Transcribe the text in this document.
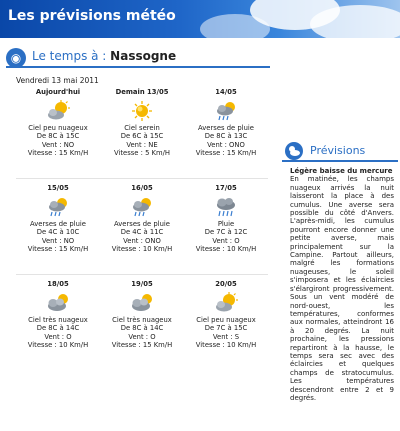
Les prévisions météo
◉ Le temps à : Nassogne
Vendredi 13 mai 2011
Aujourd'hui
Ciel peu nuageux
De 8C à 15C
Vent : NO
Vitesse : 15 Km/H
Demain 13/05
Ciel serein
De 6C à 15C
Vent : NE
Vitesse : 5 Km/H
14/05
Averses de pluie
De 8C à 13C
Vent : ONO
Vitesse : 15 Km/H
15/05
Averses de pluie
De 4C à 10C
Vent : NO
Vitesse : 15 Km/H
16/05
Averses de pluie
De 4C à 11C
Vent : ONO
Vitesse : 10 Km/H
17/05
Pluie
De 7C à 12C
Vent : O
Vitesse : 10 Km/H
18/05
Ciel très nuageux
De 8C à 14C
Vent : O
Vitesse : 10 Km/H
19/05
Ciel très nuageux
De 8C à 14C
Vent : O
Vitesse : 15 Km/H
20/05
Ciel peu nuageux
De 7C à 15C
Vent : S
Vitesse : 10 Km/H
Prévisions
Légère baisse du mercure
En matinée, les champs nuageux arrivés la nuit laisseront la place à des cumulus. Une averse sera possible du côté d'Anvers. L'après-midi, les cumulus pourront encore donner une petite averse, mais principalement sur la Campine. Partout ailleurs, malgré les formations nuageuses, le soleil s'imposera et les éclaircies s'élargiront progressivement. Sous un vent modéré de nord-ouest, les températures, conformes aux normales, atteindront 16 à 20 degrés. La nuit prochaine, les pressions repartiront à la hausse, le temps sera sec avec des éclaircies et quelques champs de stratocumulus. Les températures descendront entre 2 et 9 degrés.
